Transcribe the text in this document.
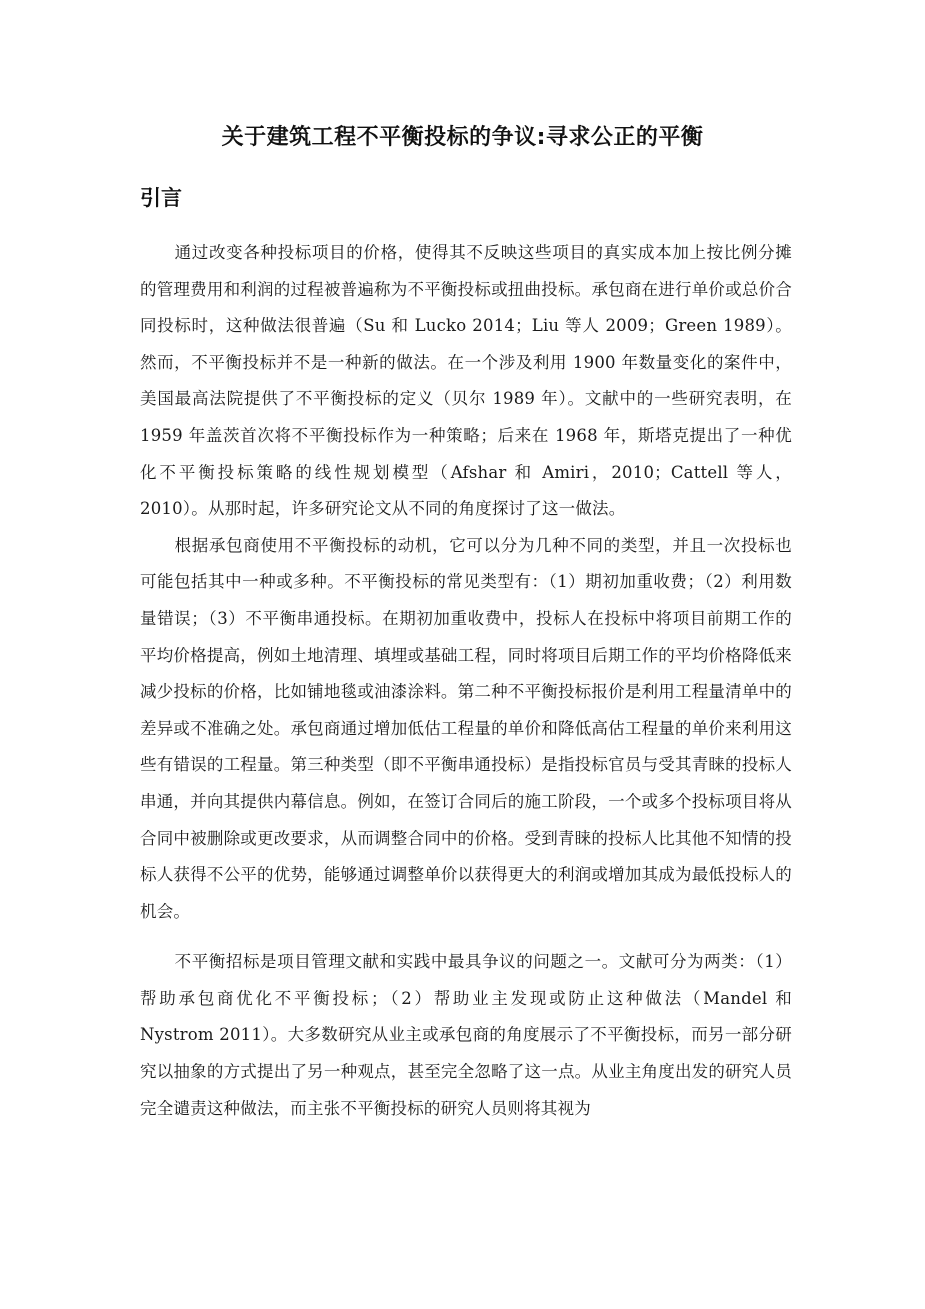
关于建筑工程不平衡投标的争议:寻求公正的平衡
引言

通过改变各种投标项目的价格，使得其不反映这些项目的真实成本加上按比例分摊的管理费用和利润的过程被普遍称为不平衡投标或扭曲投标。承包商在进行单价或总价合同投标时，这种做法很普遍（Su 和 Lucko 2014；Liu 等人 2009；Green 1989）。然而，不平衡投标并不是一种新的做法。在一个涉及利用 1900 年数量变化的案件中，美国最高法院提供了不平衡投标的定义（贝尔 1989 年）。文献中的一些研究表明，在 1959 年盖茨首次将不平衡投标作为一种策略；后来在 1968 年，斯塔克提出了一种优化不平衡投标策略的线性规划模型（Afshar 和 Amiri，2010；Cattell 等人，2010）。从那时起，许多研究论文从不同的角度探讨了这一做法。

根据承包商使用不平衡投标的动机，它可以分为几种不同的类型，并且一次投标也可能包括其中一种或多种。不平衡投标的常见类型有：（1）期初加重收费；（2）利用数量错误；（3）不平衡串通投标。在期初加重收费中，投标人在投标中将项目前期工作的平均价格提高，例如土地清理、填埋或基础工程，同时将项目后期工作的平均价格降低来减少投标的价格，比如铺地毯或油漆涂料。第二种不平衡投标报价是利用工程量清单中的差异或不准确之处。承包商通过增加低估工程量的单价和降低高估工程量的单价来利用这些有错误的工程量。第三种类型（即不平衡串通投标）是指投标官员与受其青睐的投标人串通，并向其提供内幕信息。例如，在签订合同后的施工阶段，一个或多个投标项目将从合同中被删除或更改要求，从而调整合同中的价格。受到青睐的投标人比其他不知情的投标人获得不公平的优势，能够通过调整单价以获得更大的利润或增加其成为最低投标人的机会。

不平衡招标是项目管理文献和实践中最具争议的问题之一。文献可分为两类：（1）帮助承包商优化不平衡投标；（2）帮助业主发现或防止这种做法（Mandel 和 Nystrom 2011）。大多数研究从业主或承包商的角度展示了不平衡投标，而另一部分研究以抽象的方式提出了另一种观点，甚至完全忽略了这一点。从业主角度出发的研究人员完全谴责这种做法，而主张不平衡投标的研究人员则将其视为
